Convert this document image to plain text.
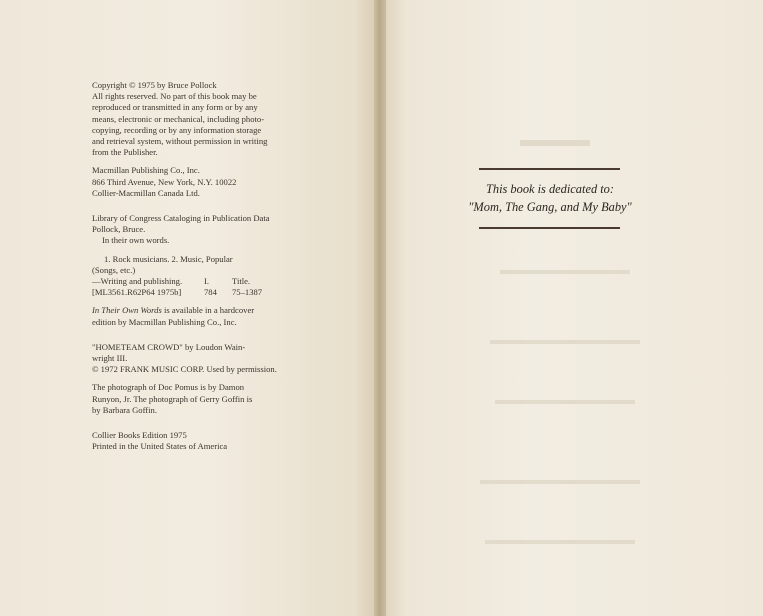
Copyright © 1975 by Bruce Pollock

All rights reserved. No part of this book may be

reproduced or transmitted in any form or by any

means, electronic or mechanical, including photo-

copying, recording or by any information storage

and retrieval system, without permission in writing

from the Publisher.

Macmillan Publishing Co., Inc.

866 Third Avenue, New York, N.Y. 10022

Collier-Macmillan Canada Ltd.

Library of Congress Cataloging in Publication Data

Pollock, Bruce.

In their own words.

1. Rock musicians. 2. Music, Popular

(Songs, etc.)

—Writing and publishing.	I.	Title.
[ML3561.R62P64 1975b]	784	75–1387

In Their Own Words is available in a hardcover

edition by Macmillan Publishing Co., Inc.

"HOMETEAM CROWD" by Loudon Wain-

wright III.

© 1972 FRANK MUSIC CORP. Used by permission.

The photograph of Doc Pomus is by Damon

Runyon, Jr. The photograph of Gerry Goffin is

by Barbara Goffin.

Collier Books Edition 1975

Printed in the United States of America

This book is dedicated to:
"Mom, The Gang, and My Baby"
